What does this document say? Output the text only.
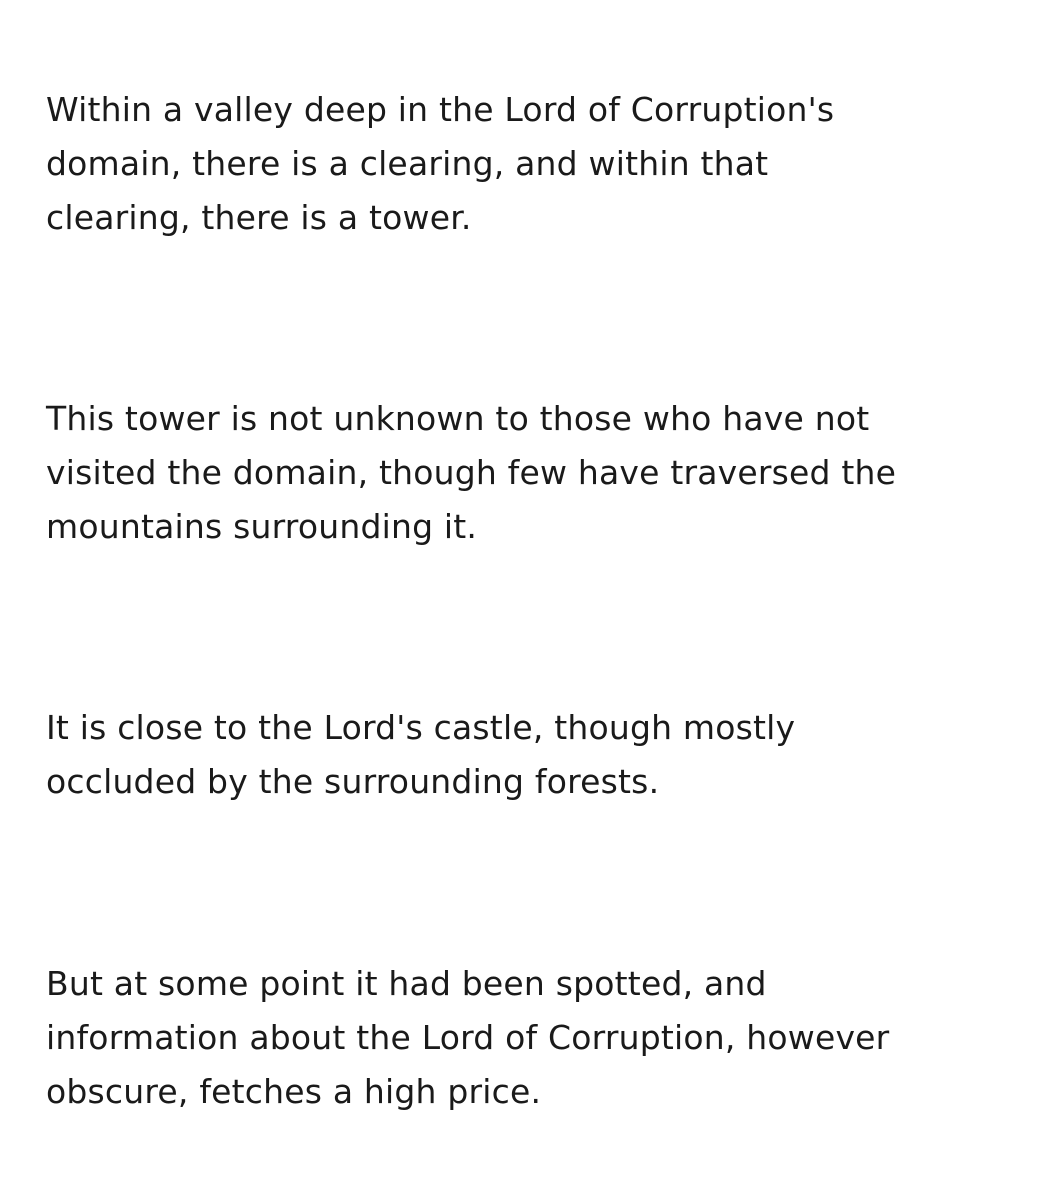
Within a valley deep in the Lord of Corruption's
domain, there is a clearing, and within that
clearing, there is a tower.

This tower is not unknown to those who have not
visited the domain, though few have traversed the
mountains surrounding it.

It is close to the Lord's castle, though mostly
occluded by the surrounding forests.

But at some point it had been spotted, and
information about the Lord of Corruption, however
obscure, fetches a high price.
